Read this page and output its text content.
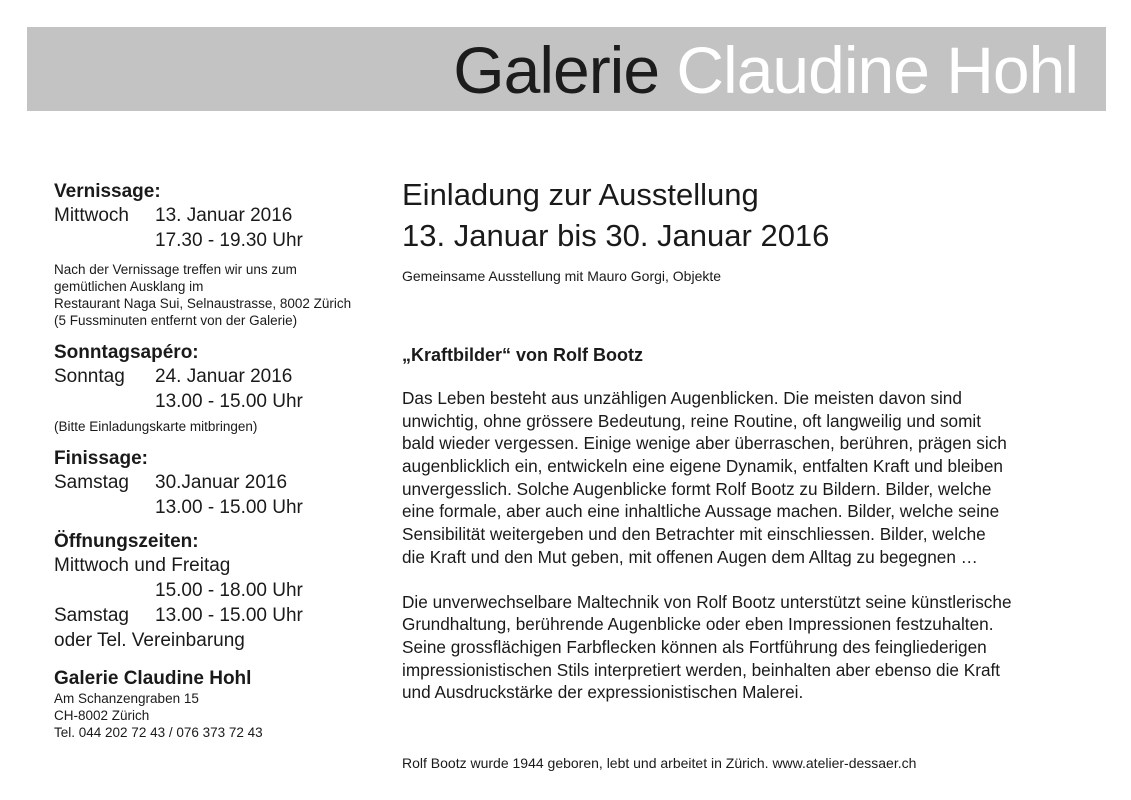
Galerie Claudine Hohl
Vernissage:
Mittwoch 13. Januar 2016
17.30 - 19.30 Uhr
Nach der Vernissage treffen wir uns zum
gemütlichen Ausklang im
Restaurant Naga Sui, Selnaustrasse, 8002 Zürich
(5 Fussminuten entfernt von der Galerie)
Sonntagsapéro:
Sonntag 24. Januar 2016
13.00 - 15.00 Uhr
(Bitte Einladungskarte mitbringen)
Finissage:
Samstag 30.Januar 2016
13.00 - 15.00 Uhr
Öffnungszeiten:
Mittwoch und Freitag
15.00 - 18.00 Uhr
Samstag 13.00 - 15.00 Uhr
oder Tel. Vereinbarung
Galerie Claudine Hohl
Am Schanzengraben 15
CH-8002 Zürich
Tel. 044 202 72 43 / 076 373 72 43
Einladung zur Ausstellung
13. Januar bis 30. Januar 2016
Gemeinsame Ausstellung mit Mauro Gorgi, Objekte
„Kraftbilder“ von Rolf Bootz
Das Leben besteht aus unzähligen Augenblicken. Die meisten davon sind
unwichtig, ohne grössere Bedeutung, reine Routine, oft langweilig und somit
bald wieder vergessen. Einige wenige aber überraschen, berühren, prägen sich
augenblicklich ein, entwickeln eine eigene Dynamik, entfalten Kraft und bleiben
unvergesslich. Solche Augenblicke formt Rolf Bootz zu Bildern. Bilder, welche
eine formale, aber auch eine inhaltliche Aussage machen. Bilder, welche seine
Sensibilität weitergeben und den Betrachter mit einschliessen. Bilder, welche
die Kraft und den Mut geben, mit offenen Augen dem Alltag zu begegnen …
Die unverwechselbare Maltechnik von Rolf Bootz unterstützt seine künstlerische
Grundhaltung, berührende Augenblicke oder eben Impressionen festzuhalten.
Seine grossflächigen Farbflecken können als Fortführung des feingliederigen
impressionistischen Stils interpretiert werden, beinhalten aber ebenso die Kraft
und Ausdruckstärke der expressionistischen Malerei.
Rolf Bootz wurde 1944 geboren, lebt und arbeitet in Zürich. www.atelier-dessaer.ch
